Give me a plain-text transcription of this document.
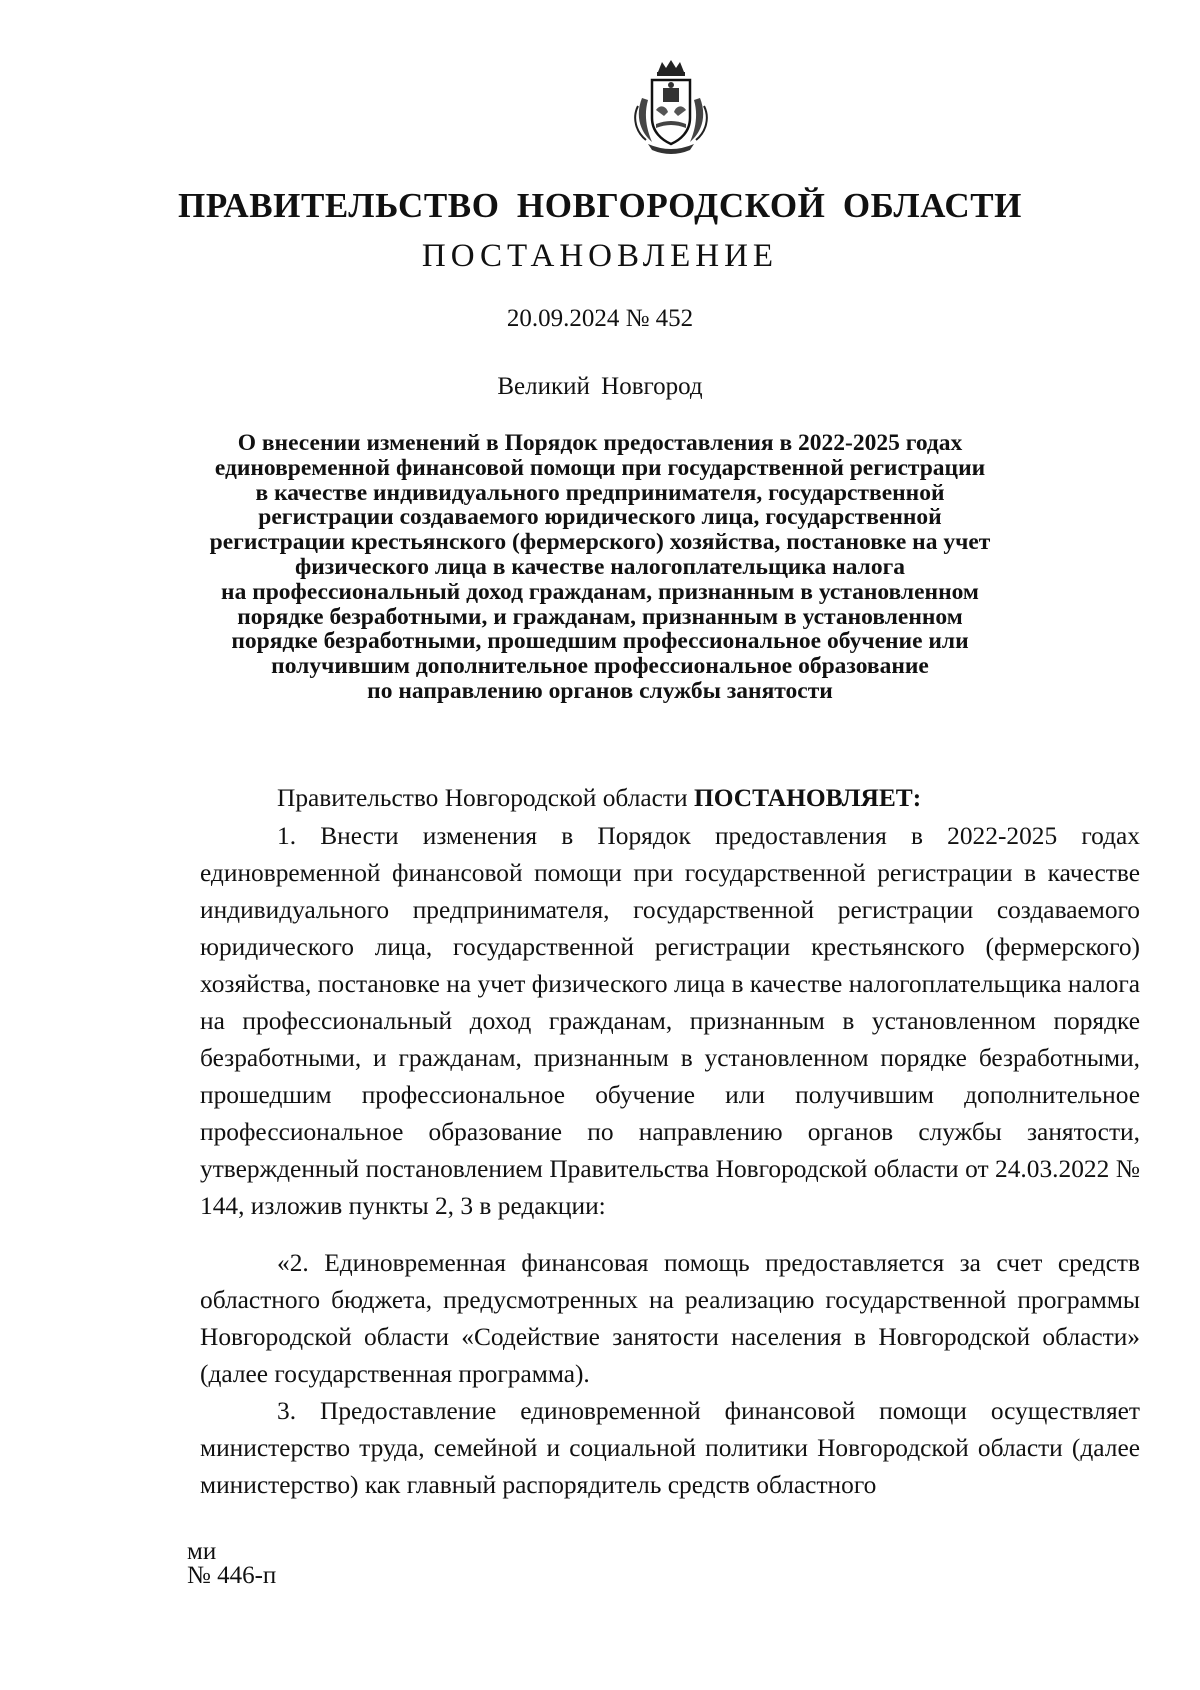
ПРАВИТЕЛЬСТВО НОВГОРОДСКОЙ ОБЛАСТИ
ПОСТАНОВЛЕНИЕ
20.09.2024 № 452
Великий Новгород
О внесении изменений в Порядок предоставления в 2022-2025 годах
единовременной финансовой помощи при государственной регистрации
в качестве индивидуального предпринимателя, государственной
регистрации создаваемого юридического лица, государственной
регистрации крестьянского (фермерского) хозяйства, постановке на учет
физического лица в качестве налогоплательщика налога
на профессиональный доход гражданам, признанным в установленном
порядке безработными, и гражданам, признанным в установленном
порядке безработными, прошедшим профессиональное обучение или
получившим дополнительное профессиональное образование
по направлению органов службы занятости
Правительство Новгородской области ПОСТАНОВЛЯЕТ:
1. Внести изменения в Порядок предоставления в 2022-2025 годах единовременной финансовой помощи при государственной регистрации в качестве индивидуального предпринимателя, государственной регистрации создаваемого юридического лица, государственной регистрации крестьянского (фермерского) хозяйства, постановке на учет физического лица в качестве налогоплательщика налога на профессиональный доход гражданам, признанным в установленном порядке безработными, и гражданам, признанным в установленном порядке безработными, прошедшим профессиональное обучение или получившим дополнительное профессиональное образование по направлению органов службы занятости, утвержденный постановлением Правительства Новгородской области от 24.03.2022 № 144, изложив пункты 2, 3 в редакции:
«2. Единовременная финансовая помощь предоставляется за счет средств областного бюджета, предусмотренных на реализацию государственной программы Новгородской области «Содействие занятости населения в Новгородской области» (далее государственная программа).
3. Предоставление единовременной финансовой помощи осуществляет министерство труда, семейной и социальной политики Новгородской области (далее министерство) как главный распорядитель средств областного
ми
№ 446-п
